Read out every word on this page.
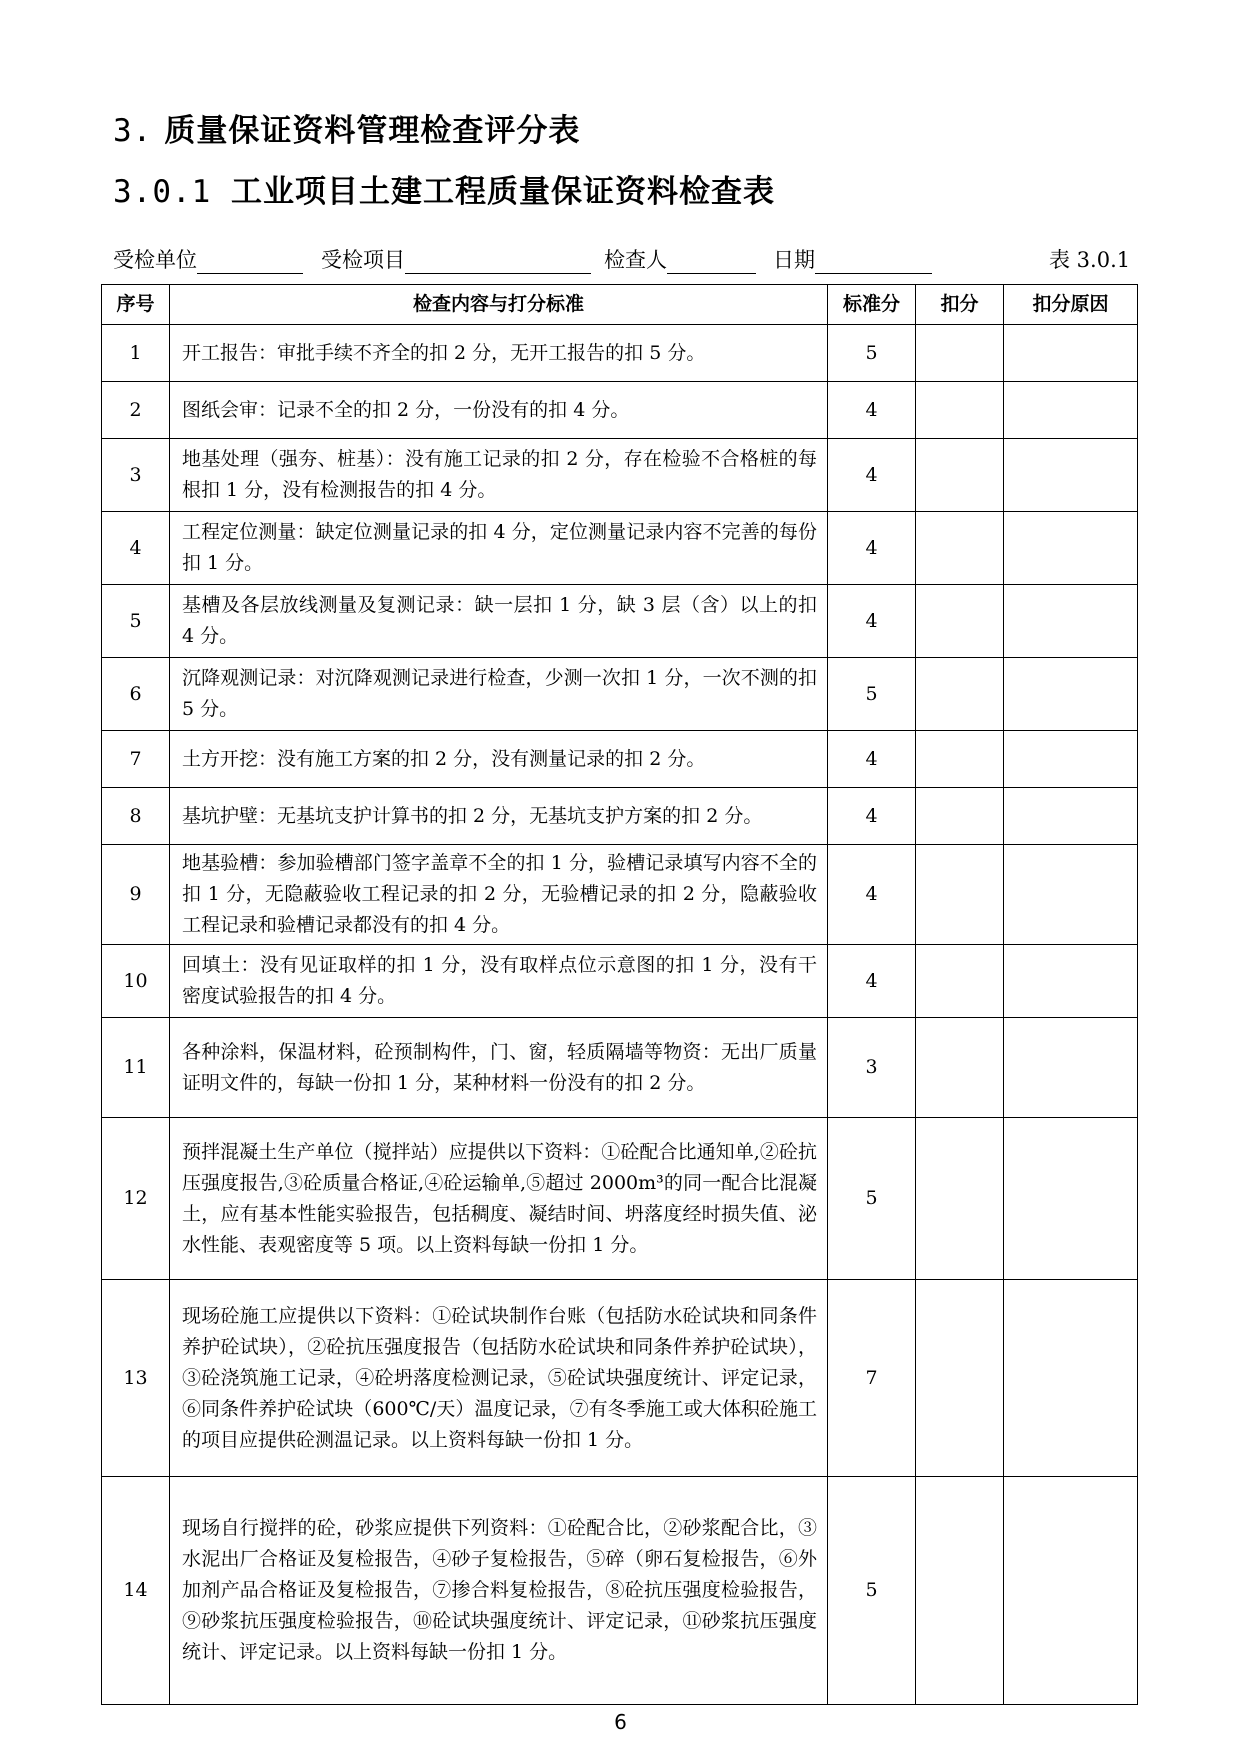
3. 质量保证资料管理检查评分表
3.0.1 工业项目土建工程质量保证资料检查表
受检单位	受检项目	检查人	日期	表 3.0.1
序号	检查内容与打分标准	标准分	扣分	扣分原因
1	开工报告：审批手续不齐全的扣 2 分，无开工报告的扣 5 分。	5		
2	图纸会审：记录不全的扣 2 分，一份没有的扣 4 分。	4		
3	地基处理（强夯、桩基）：没有施工记录的扣 2 分，存在检验不合格桩的每根扣 1 分，没有检测报告的扣 4 分。	4		
4	工程定位测量：缺定位测量记录的扣 4 分，定位测量记录内容不完善的每份扣 1 分。	4		
5	基槽及各层放线测量及复测记录：缺一层扣 1 分，缺 3 层（含）以上的扣 4 分。	4		
6	沉降观测记录：对沉降观测记录进行检查，少测一次扣 1 分，一次不测的扣 5 分。	5		
7	土方开挖：没有施工方案的扣 2 分，没有测量记录的扣 2 分。	4		
8	基坑护壁：无基坑支护计算书的扣 2 分，无基坑支护方案的扣 2 分。	4		
9	地基验槽：参加验槽部门签字盖章不全的扣 1 分，验槽记录填写内容不全的扣 1 分，无隐蔽验收工程记录的扣 2 分，无验槽记录的扣 2 分，隐蔽验收工程记录和验槽记录都没有的扣 4 分。	4		
10	回填土：没有见证取样的扣 1 分，没有取样点位示意图的扣 1 分，没有干密度试验报告的扣 4 分。	4		
11	各种涂料，保温材料，砼预制构件，门、窗，轻质隔墙等物资：无出厂质量证明文件的，每缺一份扣 1 分，某种材料一份没有的扣 2 分。	3		
12	预拌混凝土生产单位（搅拌站）应提供以下资料：①砼配合比通知单,②砼抗压强度报告,③砼质量合格证,④砼运输单,⑤超过 2000m³的同一配合比混凝土，应有基本性能实验报告，包括稠度、凝结时间、坍落度经时损失值、泌水性能、表观密度等 5 项。以上资料每缺一份扣 1 分。	5		
13	现场砼施工应提供以下资料：①砼试块制作台账（包括防水砼试块和同条件养护砼试块），②砼抗压强度报告（包括防水砼试块和同条件养护砼试块），③砼浇筑施工记录，④砼坍落度检测记录，⑤砼试块强度统计、评定记录，⑥同条件养护砼试块（600℃/天）温度记录，⑦有冬季施工或大体积砼施工的项目应提供砼测温记录。以上资料每缺一份扣 1 分。	7		
14	现场自行搅拌的砼，砂浆应提供下列资料：①砼配合比，②砂浆配合比，③水泥出厂合格证及复检报告，④砂子复检报告，⑤碎（卵石复检报告，⑥外加剂产品合格证及复检报告，⑦掺合料复检报告，⑧砼抗压强度检验报告，⑨砂浆抗压强度检验报告，⑩砼试块强度统计、评定记录，⑪砂浆抗压强度统计、评定记录。以上资料每缺一份扣 1 分。	5		
6
